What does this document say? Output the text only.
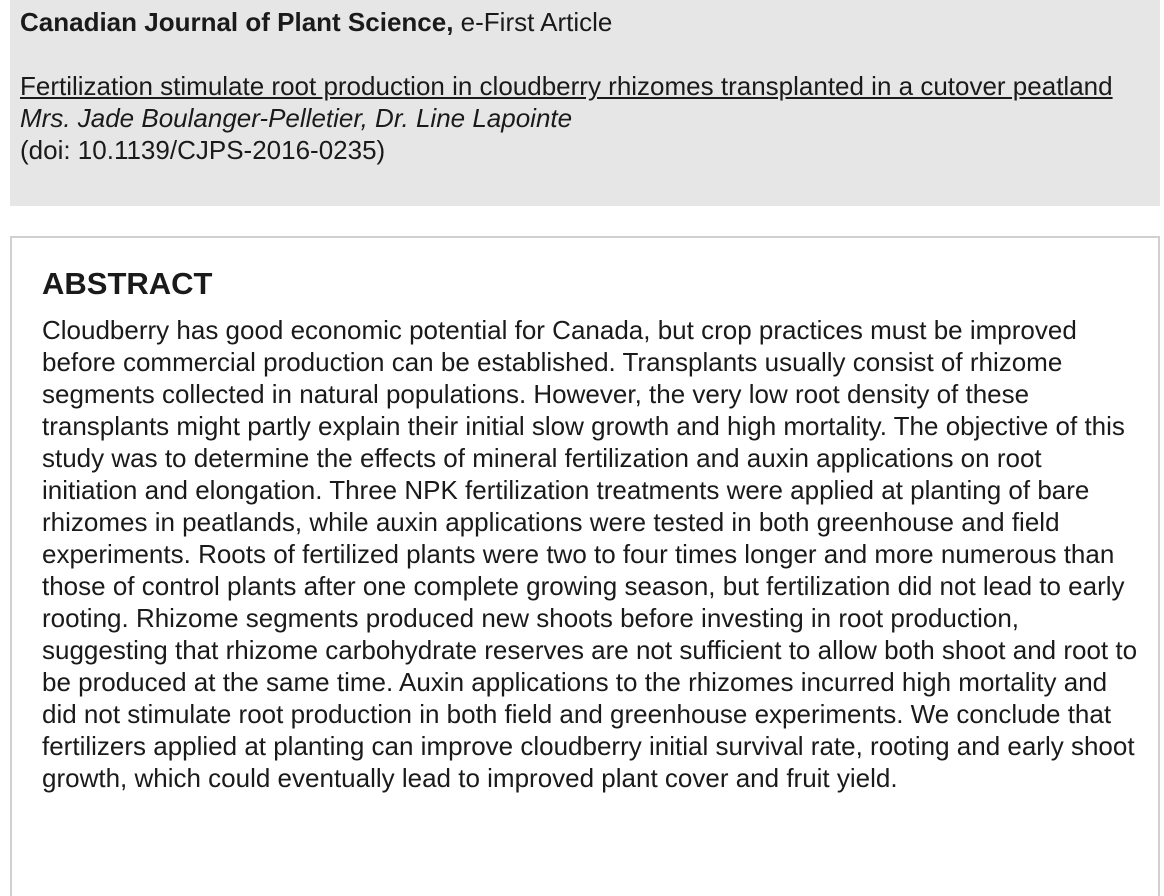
Canadian Journal of Plant Science, e-First Article

Fertilization stimulate root production in cloudberry rhizomes transplanted in a cutover peatland
Mrs. Jade Boulanger-Pelletier, Dr. Line Lapointe
(doi: 10.1139/CJPS-2016-0235)
ABSTRACT

Cloudberry has good economic potential for Canada, but crop practices must be improved before commercial production can be established. Transplants usually consist of rhizome segments collected in natural populations. However, the very low root density of these transplants might partly explain their initial slow growth and high mortality. The objective of this study was to determine the effects of mineral fertilization and auxin applications on root initiation and elongation. Three NPK fertilization treatments were applied at planting of bare rhizomes in peatlands, while auxin applications were tested in both greenhouse and field experiments. Roots of fertilized plants were two to four times longer and more numerous than those of control plants after one complete growing season, but fertilization did not lead to early rooting. Rhizome segments produced new shoots before investing in root production, suggesting that rhizome carbohydrate reserves are not sufficient to allow both shoot and root to be produced at the same time. Auxin applications to the rhizomes incurred high mortality and did not stimulate root production in both field and greenhouse experiments. We conclude that fertilizers applied at planting can improve cloudberry initial survival rate, rooting and early shoot growth, which could eventually lead to improved plant cover and fruit yield.
